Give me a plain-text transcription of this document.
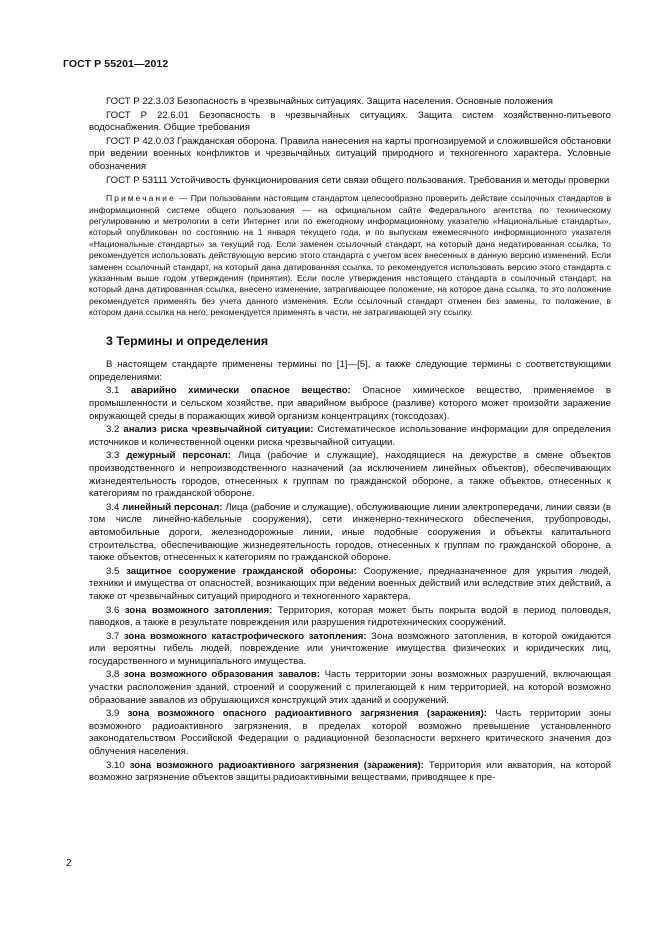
ГОСТ Р 55201—2012

ГОСТ Р 22.3.03 Безопасность в чрезвычайных ситуациях. Защита населения. Основные положения

ГОСТ Р 22.6.01 Безопасность в чрезвычайных ситуациях. Защита систем хозяйственно-питьевого водоснабжения. Общие требования

ГОСТ Р 42.0.03 Гражданская оборона. Правила нанесения на карты прогнозируемой и сложившейся обстановки при ведении военных конфликтов и чрезвычайных ситуаций природного и техногенного характера. Условные обозначения

ГОСТ Р 53111 Устойчивость функционирования сети связи общего пользования. Требования и методы проверки

Примечание — При пользовании настоящим стандартом целесообразно проверить действие ссылочных стандартов в информационной системе общего пользования — на официальном сайте Федерального агентства по техническому регулированию и метрологии в сети Интернет или по ежегодному информационному указателю «Национальные стандарты», который опубликован по состоянию на 1 января текущего года, и по выпускам ежемесячного информационного указателя «Национальные стандарты» за текущий год. Если заменен ссылочный стандарт, на который дана недатированная ссылка, то рекомендуется использовать действующую версию этого стандарта с учетом всех внесенных в данную версию изменений. Если заменен ссылочный стандарт, на который дана датированная ссылка, то рекомендуется использовать версию этого стандарта с указанным выше годом утверждения (принятия). Если после утверждения настоящего стандарта в ссылочный стандарт, на который дана датированная ссылка, внесено изменение, затрагивающее положение, на которое дана ссылка, то это положение рекомендуется применять без учета данного изменения. Если ссылочный стандарт отменен без замены, то положение, в котором дана ссылка на него, рекомендуется применять в части, не затрагивающей эту ссылку.

3 Термины и определения

В настоящем стандарте применены термины по [1]—[5], а также следующие термины с соответствующими определениями:

3.1 аварийно химически опасное вещество: Опасное химическое вещество, применяемое в промышленности и сельском хозяйстве, при аварийном выбросе (разливе) которого может произойти заражение окружающей среды в поражающих живой организм концентрациях (токсодозах).

3.2 анализ риска чрезвычайной ситуации: Систематическое использование информации для определения источников и количественной оценки риска чрезвычайной ситуации.

3.3 дежурный персонал: Лица (рабочие и служащие), находящиеся на дежурстве в смене объектов производственного и непроизводственного назначений (за исключением линейных объектов), обеспечивающих жизнедеятельность городов, отнесенных к группам по гражданской обороне, а также объектов, отнесенных к категориям по гражданской обороне.

3.4 линейный персонал: Лица (рабочие и служащие), обслуживающие линии электропередачи, линии связи (в том числе линейно-кабельные сооружения), сети инженерно-технического обеспечения, трубопроводы, автомобильные дороги, железнодорожные линии, иные подобные сооружения и объекты капитального строительства, обеспечивающие жизнедеятельность городов, отнесенных к группам по гражданской обороне, а также объектов, отнесенных к категориям по гражданской обороне.

3.5 защитное сооружение гражданской обороны: Сооружение, предназначенное для укрытия людей, техники и имущества от опасностей, возникающих при ведении военных действий или вследствие этих действий, а также от чрезвычайных ситуаций природного и техногенного характера.

3.6 зона возможного затопления: Территория, которая может быть покрыта водой в период половодья, паводков, а также в результате повреждения или разрушения гидротехнических сооружений.

3.7 зона возможного катастрофического затопления: Зона возможного затопления, в которой ожидаются или вероятны гибель людей, повреждение или уничтожение имущества физических и юридических лиц, государственного и муниципального имущества.

3.8 зона возможного образования завалов: Часть территории зоны возможных разрушений, включающая участки расположения зданий, строений и сооружений с прилегающей к ним территорией, на которой возможно образование завалов из обрушающихся конструкций этих зданий и сооружений.

3.9 зона возможного опасного радиоактивного загрязнения (заражения): Часть территории зоны возможного радиоактивного загрязнения, в пределах которой возможно превышение установленного законодательством Российской Федерации о радиационной безопасности верхнего критического значения доз облучения населения.

3.10 зона возможного радиоактивного загрязнения (заражения): Территория или акватория, на которой возможно загрязнение объектов защиты радиоактивными веществами, приводящее к пре-

2
